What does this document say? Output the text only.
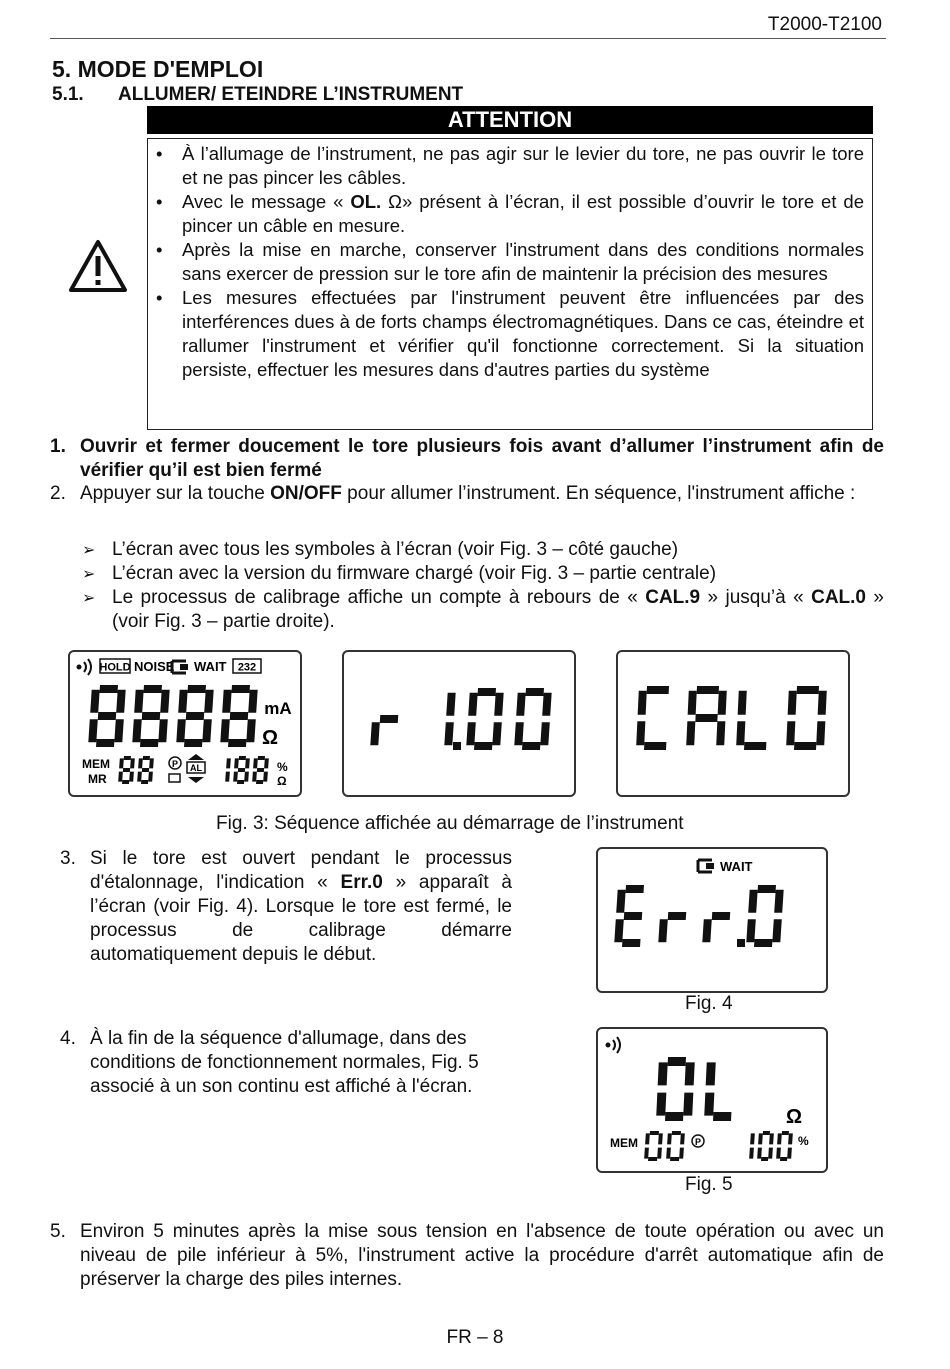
T2000-T2100
5. MODE D'EMPLOI
5.1. ALLUMER/ ETEINDRE L’INSTRUMENT
ATTENTION
• À l’allumage de l’instrument, ne pas agir sur le levier du tore, ne pas ouvrir le tore et ne pas pincer les câbles.
• Avec le message « OL. Ω» présent à l’écran, il est possible d’ouvrir le tore et de pincer un câble en mesure.
• Après la mise en marche, conserver l'instrument dans des conditions normales sans exercer de pression sur le tore afin de maintenir la précision des mesures
• Les mesures effectuées par l'instrument peuvent être influencées par des interférences dues à de forts champs électromagnétiques. Dans ce cas, éteindre et rallumer l'instrument et vérifier qu'il fonctionne correctement. Si la situation persiste, effectuer les mesures dans d'autres parties du système
1. Ouvrir et fermer doucement le tore plusieurs fois avant d’allumer l’instrument afin de vérifier qu’il est bien fermé
2. Appuyer sur la touche ON/OFF pour allumer l’instrument. En séquence, l'instrument affiche :
➢ L’écran avec tous les symboles à l’écran (voir Fig. 3 – côté gauche)
➢ L’écran avec la version du firmware chargé (voir Fig. 3 – partie centrale)
➢ Le processus de calibrage affiche un compte à rebours de « CAL.9 » jusqu’à « CAL.0 » (voir Fig. 3 – partie droite).
HOLD NOISE WAIT 232
mA
Ω
MEM
MR
P AL	%
Ω
Fig. 3: Séquence affichée au démarrage de l’instrument
3. Si le tore est ouvert pendant le processus d'étalonnage, l'indication « Err.0 » apparaît à l’écran (voir Fig. 4). Lorsque le tore est fermé, le processus de calibrage démarre automatiquement depuis le début.
WAIT
Fig. 4
4. À la fin de la séquence d'allumage, dans des conditions de fonctionnement normales, Fig. 5 associé à un son continu est affiché à l'écran.
Ω
MEM	P	%
Fig. 5
5. Environ 5 minutes après la mise sous tension en l'absence de toute opération ou avec un niveau de pile inférieur à 5%, l'instrument active la procédure d'arrêt automatique afin de préserver la charge des piles internes.
FR – 8
